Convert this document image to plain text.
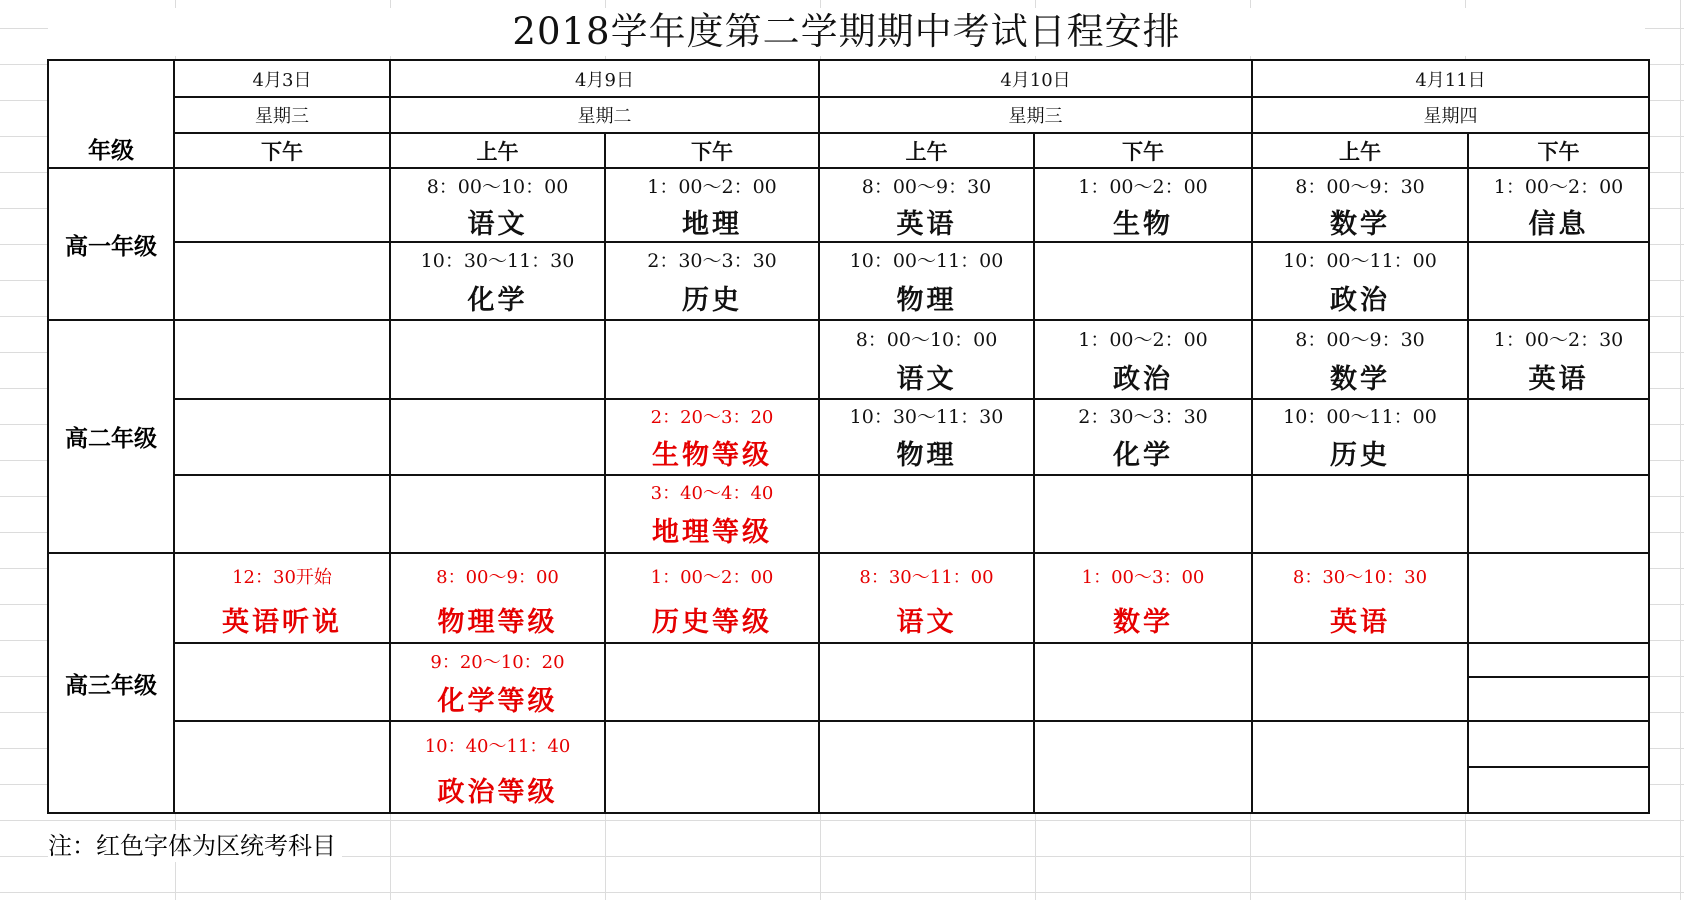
2018学年度第二学期期中考试日程安排
年级	4月3日	4月9日		4月10日		4月11日	
	星期三	星期二		星期三		星期四	
	下午	上午	下午	上午	下午	上午	下午
高一年级		8：00～10：00	1：00～2：00	8：00～9：30	1：00～2：00	8：00～9：30	1：00～2：00
		语文	地理	英语	生物	数学	信息
		10：30～11：30	2：30～3：30	10：00～11：00		10：00～11：00	
		化学	历史	物理		政治	
高二年级				8：00～10：00	1：00～2：00	8：00～9：30	1：00～2：30
				语文	政治	数学	英语
			2：20～3：20	10：30～11：30	2：30～3：30	10：00～11：00	
			生物等级	物理	化学	历史	
			3：40～4：40				
			地理等级				
高三年级	12：30开始	8：00～9：00	1：00～2：00	8：30～11：00	1：00～3：00	8：30～10：30	
	英语听说	物理等级	历史等级	语文	数学	英语	
		9：20～10：20					
		化学等级					
		10：40～11：40					
		政治等级					
注：红色字体为区统考科目
